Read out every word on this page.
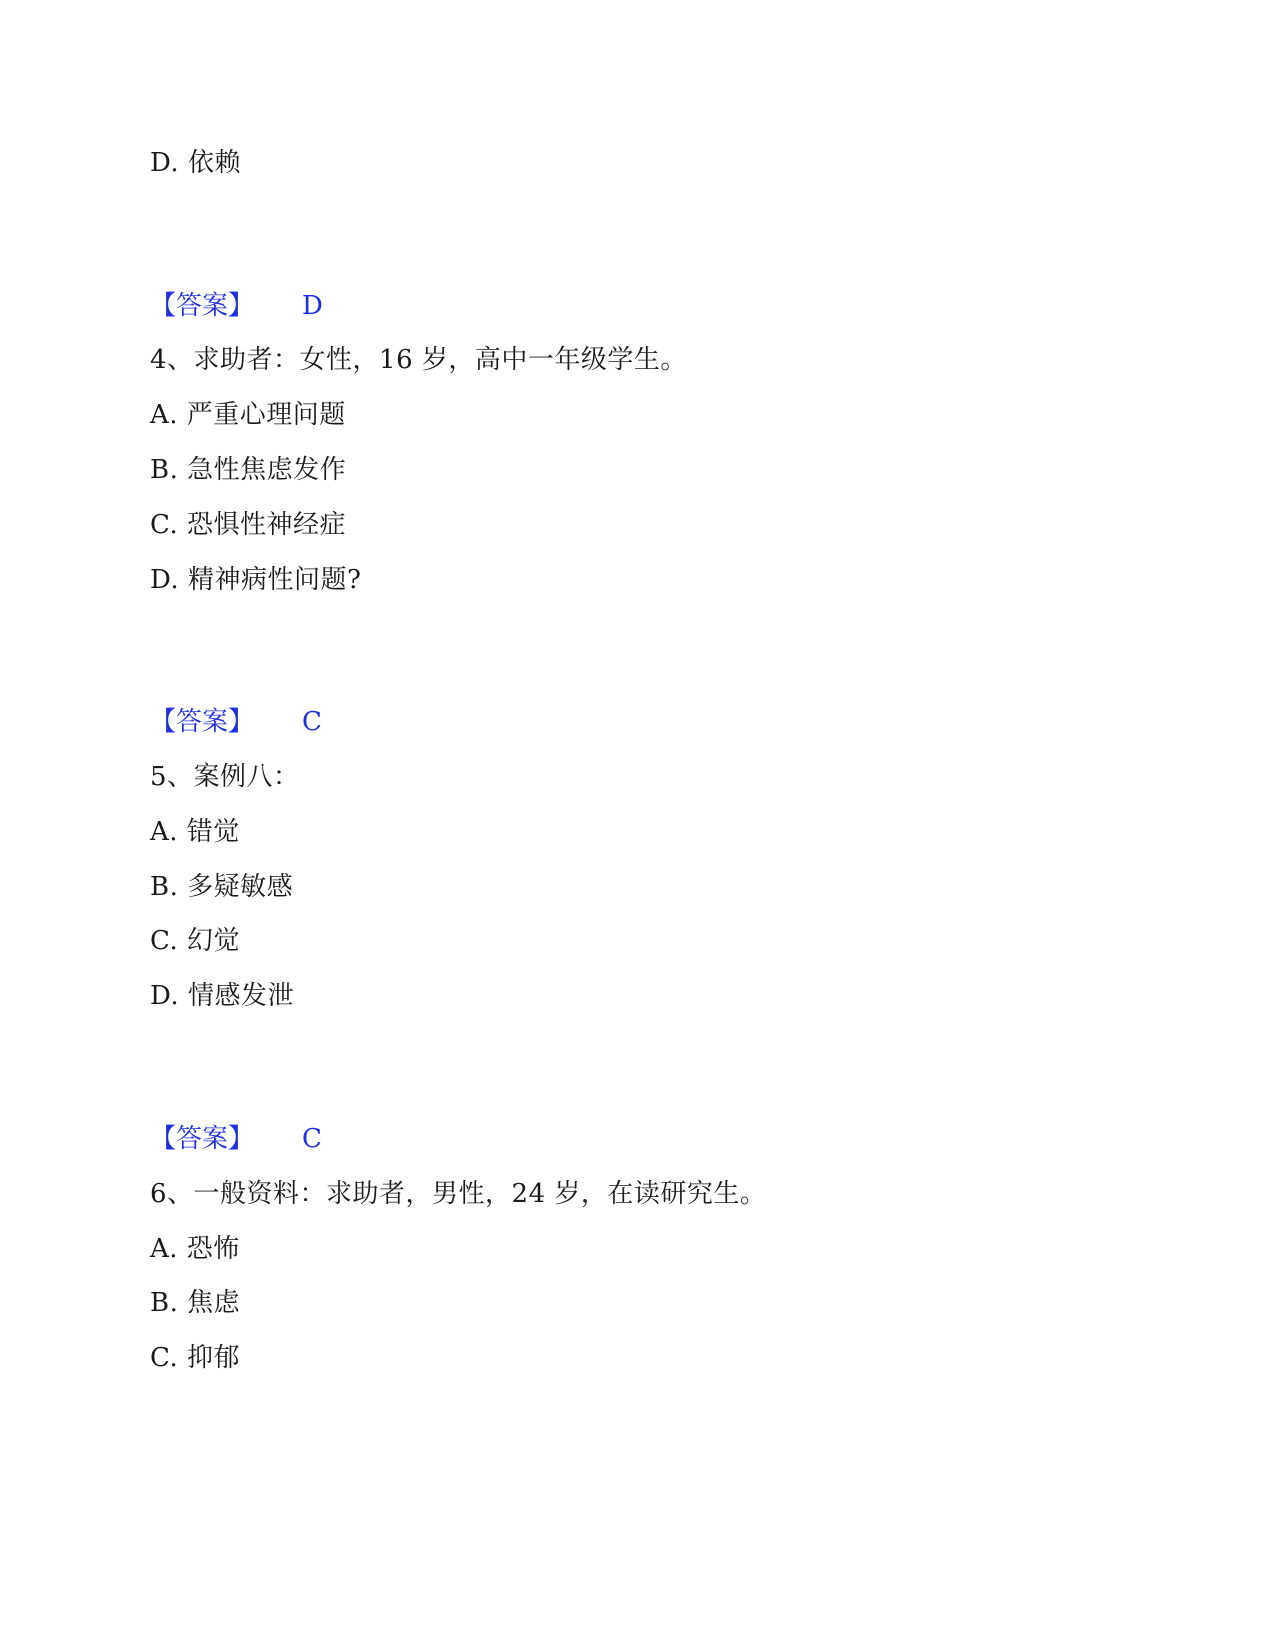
D. 依赖
【答案】 D
4、求助者：女性，16 岁，高中一年级学生。
A. 严重心理问题
B. 急性焦虑发作
C. 恐惧性神经症
D. 精神病性问题?
【答案】 C
5、案例八：
A. 错觉
B. 多疑敏感
C. 幻觉
D. 情感发泄
【答案】 C
6、一般资料：求助者，男性，24 岁，在读研究生。
A. 恐怖
B. 焦虑
C. 抑郁
